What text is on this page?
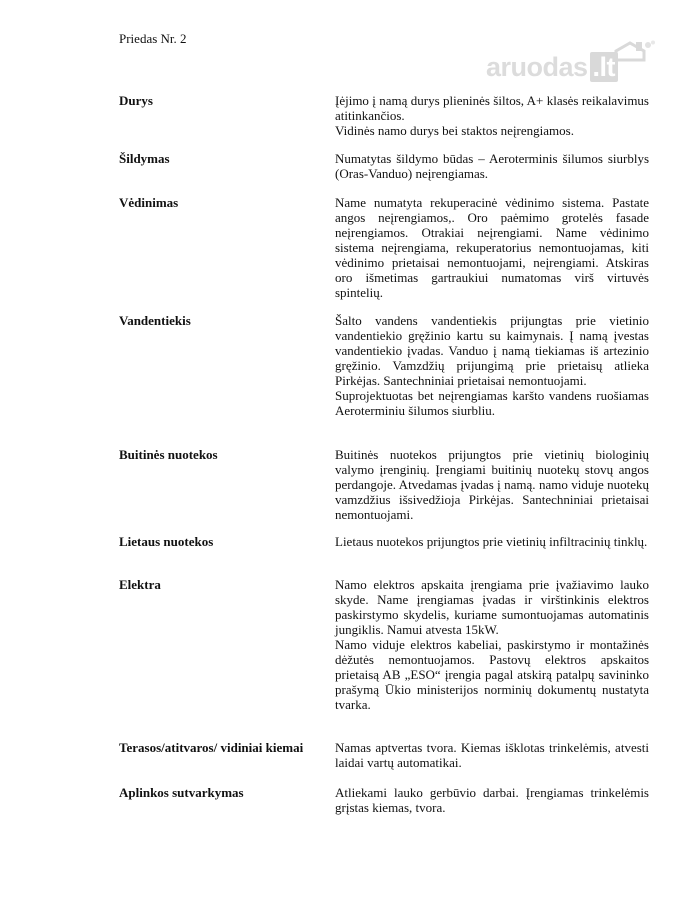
Priedas Nr. 2
aruodas .lt
Durys	Įėjimo į namą durys plieninės šiltos, A+ klasės reikalavimus atitinkančios.

Vidinės namo durys bei staktos neįrengiamos.

Šildymas	Numatytas šildymo būdas – Aeroterminis šilumos siurblys (Oras-Vanduo) neįrengiamas.

Vėdinimas	Name numatyta rekuperacinė vėdinimo sistema. Pastate angos neįrengiamos,. Oro paėmimo grotelės fasade neįrengiamos. Otrakiai neįrengiami. Name vėdinimo sistema neįrengiama, rekuperatorius nemontuojamas, kiti vėdinimo prietaisai nemontuojami, neįrengiami. Atskiras oro išmetimas gartraukiui numatomas virš virtuvės spintelių.

Vandentiekis	Šalto vandens vandentiekis prijungtas prie vietinio vandentiekio gręžinio kartu su kaimynais. Į namą įvestas vandentiekio įvadas. Vanduo į namą tiekiamas iš artezinio gręžinio. Vamzdžių prijungimą prie prietaisų atlieka Pirkėjas. Santechniniai prietaisai nemontuojami.

Suprojektuotas bet neįrengiamas karšto vandens ruošiamas Aeroterminiu šilumos siurbliu.

Buitinės nuotekos	Buitinės nuotekos prijungtos prie vietinių biologinių valymo įrenginių. Įrengiami buitinių nuotekų stovų angos perdangoje. Atvedamas įvadas į namą. namo viduje nuotekų vamzdžius išsivedžioja Pirkėjas. Santechniniai prietaisai nemontuojami.

Lietaus nuotekos	Lietaus nuotekos prijungtos prie vietinių infiltracinių tinklų.

Elektra	Namo elektros apskaita įrengiama prie įvažiavimo lauko skyde. Name įrengiamas įvadas ir virštinkinis elektros paskirstymo skydelis, kuriame sumontuojamas automatinis jungiklis. Namui atvesta 15kW.

Namo viduje elektros kabeliai, paskirstymo ir montažinės dėžutės nemontuojamos. Pastovų elektros apskaitos prietaisą AB „ESO“ įrengia pagal atskirą patalpų savininko prašymą Ūkio ministerijos norminių dokumentų nustatyta tvarka.

Terasos/atitvaros/ vidiniai kiemai	Namas aptvertas tvora. Kiemas išklotas trinkelėmis, atvesti laidai vartų automatikai.

Aplinkos sutvarkymas	Atliekami lauko gerbūvio darbai. Įrengiamas trinkelėmis grįstas kiemas, tvora.
